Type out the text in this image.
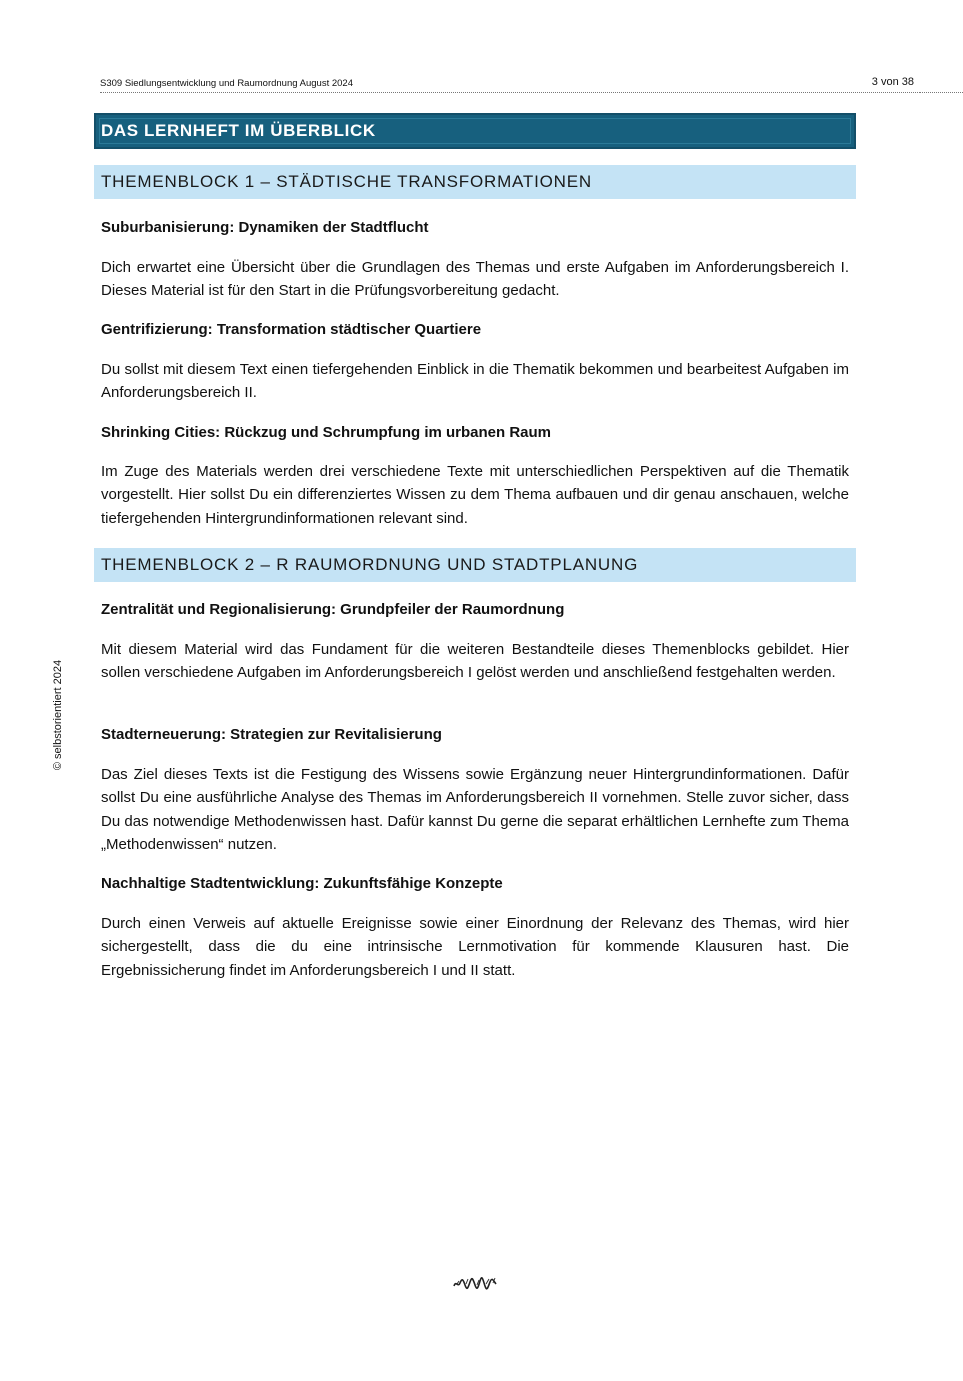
S309 Siedlungsentwicklung und Raumordnung August 2024	3 von 38
© selbstorientiert 2024
DAS LERNHEFT IM ÜBERBLICK
THEMENBLOCK 1 – STÄDTISCHE TRANSFORMATIONEN
Suburbanisierung: Dynamiken der Stadtflucht
Dich erwartet eine Übersicht über die Grundlagen des Themas und erste Aufgaben im Anforderungsbereich I. Dieses Material ist für den Start in die Prüfungsvorbereitung gedacht.
Gentrifizierung: Transformation städtischer Quartiere
Du sollst mit diesem Text einen tiefergehenden Einblick in die Thematik bekommen und bearbeitest Aufgaben im Anforderungsbereich II.
Shrinking Cities: Rückzug und Schrumpfung im urbanen Raum
Im Zuge des Materials werden drei verschiedene Texte mit unterschiedlichen Perspektiven auf die Thematik vorgestellt. Hier sollst Du ein differenziertes Wissen zu dem Thema aufbauen und dir genau anschauen, welche tiefergehenden Hintergrundinformationen relevant sind.
THEMENBLOCK 2 – R RAUMORDNUNG UND STADTPLANUNG
Zentralität und Regionalisierung: Grundpfeiler der Raumordnung
Mit diesem Material wird das Fundament für die weiteren Bestandteile dieses Themenblocks gebildet. Hier sollen verschiedene Aufgaben im Anforderungsbereich I gelöst werden und anschließend festgehalten werden.
Stadterneuerung: Strategien zur Revitalisierung
Das Ziel dieses Texts ist die Festigung des Wissens sowie Ergänzung neuer Hintergrundinformationen. Dafür sollst Du eine ausführliche Analyse des Themas im Anforderungsbereich II vornehmen. Stelle zuvor sicher, dass Du das notwendige Methodenwissen hast. Dafür kannst Du gerne die separat erhältlichen Lernhefte zum Thema „Methodenwissen“ nutzen.
Nachhaltige Stadtentwicklung: Zukunftsfähige Konzepte
Durch einen Verweis auf aktuelle Ereignisse sowie einer Einordnung der Relevanz des Themas, wird hier sichergestellt, dass die du eine intrinsische Lernmotivation für kommende Klausuren hast. Die Ergebnissicherung findet im Anforderungsbereich I und II statt.
